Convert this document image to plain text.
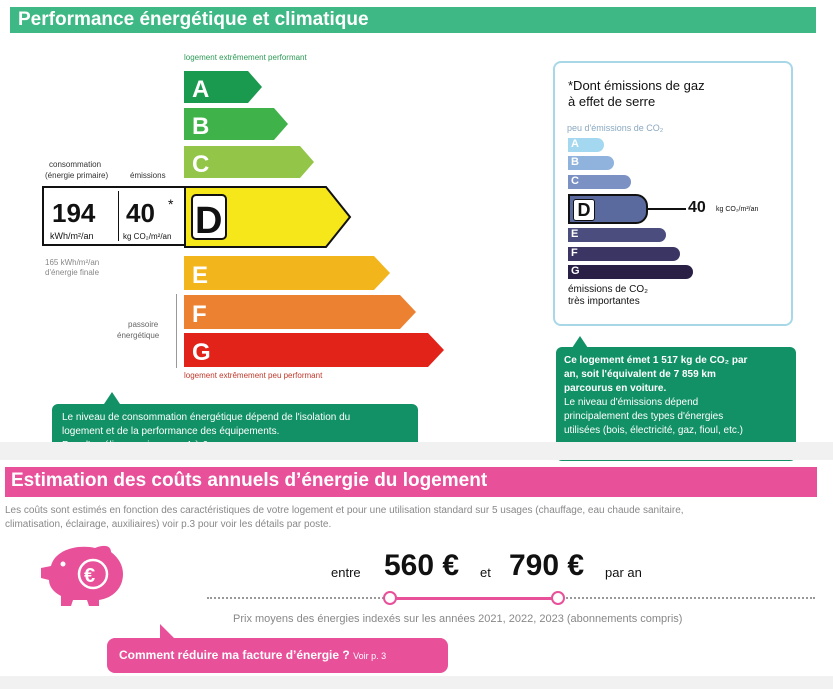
Performance énergétique et climatique
logement extrêmement performant
logement extrêmement peu performant
A
B
C
D
E
F
G
consommation
(énergie primaire)	émissions
194
kWh/m²/an
40 *
kg CO₂/m²/an
165 kWh/m²/an
d'énergie finale
passoire
énergétique
Le niveau de consommation énergétique dépend de l'isolation du
logement et de la performance des équipements.
*Dont émissions de gaz
à effet de serre
peu d'émissions de CO₂
A
B
C
D	40 kg CO₂/m²/an
E
F
G
émissions de CO₂
très importantes
Ce logement émet 1 517 kg de CO₂ par
an, soit l'équivalent de 7 859 km
parcourus en voiture.
Le niveau d'émissions dépend
principalement des types d'énergies
utilisées (bois, électricité, gaz, fioul, etc.)
Estimation des coûts annuels d’énergie du logement
Les coûts sont estimés en fonction des caractéristiques de votre logement et pour une utilisation standard sur 5 usages (chauffage, eau chaude sanitaire,
climatisation, éclairage, auxiliaires) voir p.3 pour voir les détails par poste.
€	entre 560 € et 790 € par an
Prix moyens des énergies indexés sur les années 2021, 2022, 2023 (abonnements compris)
Comment réduire ma facture d’énergie ? Voir p. 3
